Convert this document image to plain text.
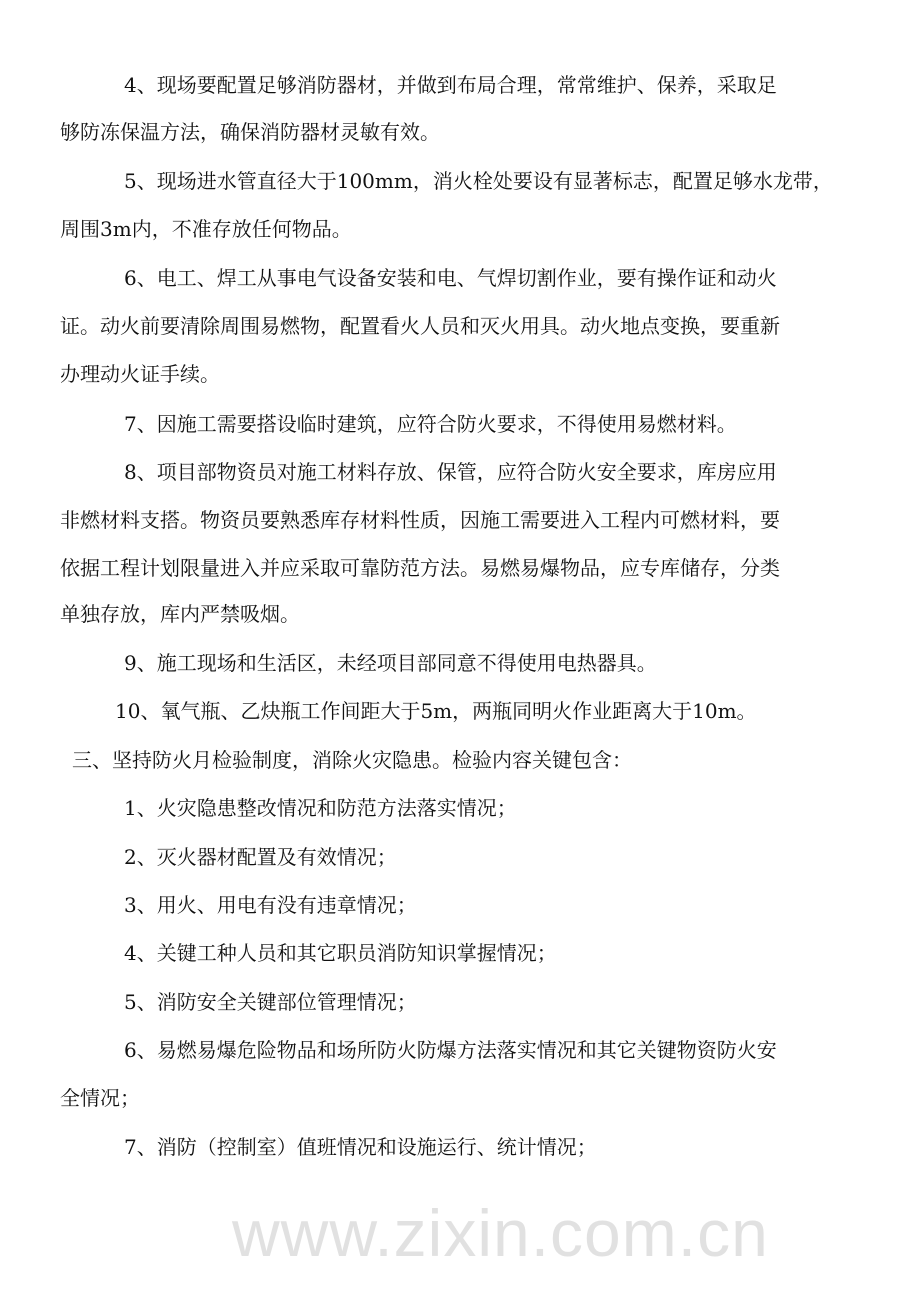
4、现场要配置足够消防器材，并做到布局合理，常常维护、保养，采取足
够防冻保温方法，确保消防器材灵敏有效。
5、现场进水管直径大于100mm，消火栓处要设有显著标志，配置足够水龙带，
周围3m内，不准存放任何物品。
6、电工、焊工从事电气设备安装和电、气焊切割作业，要有操作证和动火
证。动火前要清除周围易燃物，配置看火人员和灭火用具。动火地点变换，要重新
办理动火证手续。
7、因施工需要搭设临时建筑，应符合防火要求，不得使用易燃材料。
8、项目部物资员对施工材料存放、保管，应符合防火安全要求，库房应用
非燃材料支搭。物资员要熟悉库存材料性质，因施工需要进入工程内可燃材料，要
依据工程计划限量进入并应采取可靠防范方法。易燃易爆物品，应专库储存，分类
单独存放，库内严禁吸烟。
9、施工现场和生活区，未经项目部同意不得使用电热器具。
10、氧气瓶、乙炔瓶工作间距大于5m，两瓶同明火作业距离大于10m。
三、坚持防火月检验制度，消除火灾隐患。检验内容关键包含：
1、火灾隐患整改情况和防范方法落实情况；
2、灭火器材配置及有效情况；
3、用火、用电有没有违章情况；
4、关键工种人员和其它职员消防知识掌握情况；
5、消防安全关键部位管理情况；
6、易燃易爆危险物品和场所防火防爆方法落实情况和其它关键物资防火安
全情况；
7、消防（控制室）值班情况和设施运行、统计情况；
www.zixin.com.cn
